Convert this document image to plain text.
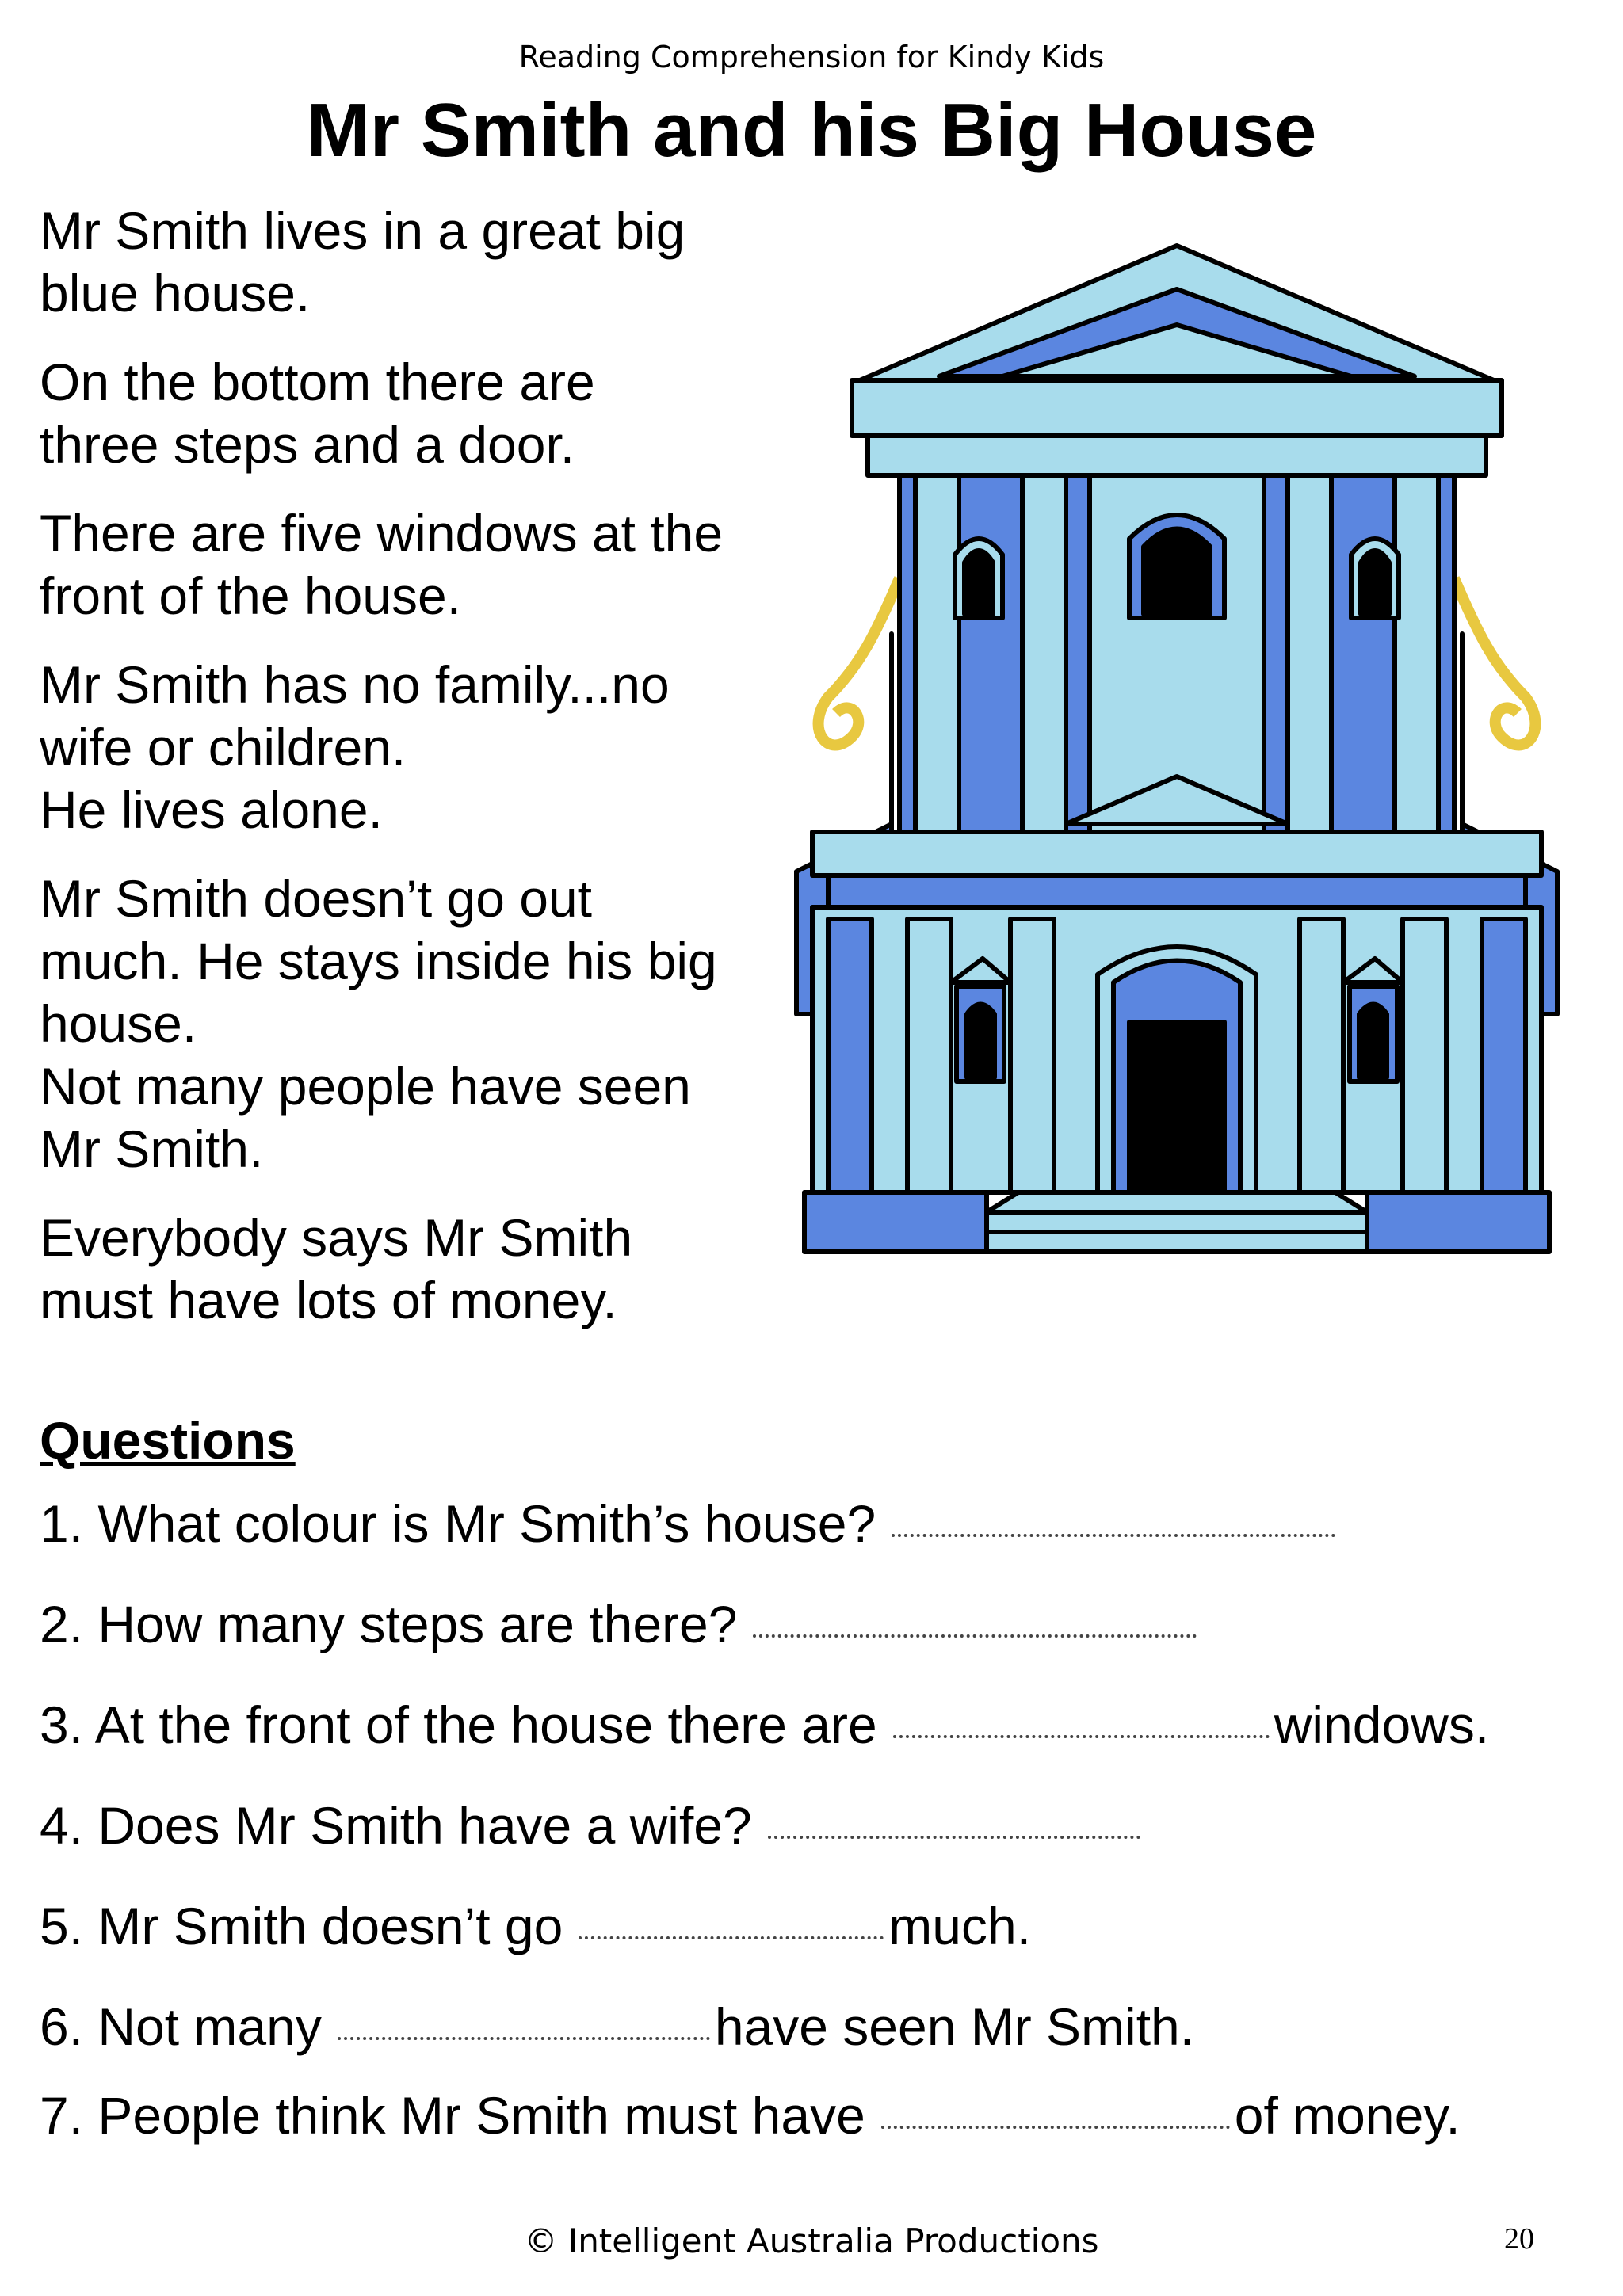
Reading Comprehension for Kindy Kids
Mr Smith and his Big House

Mr Smith lives in a great big
blue house.

On the bottom there are
three steps and a door.

There are five windows at the
front of the house.

Mr Smith has no family...no
wife or children.
He lives alone.

Mr Smith doesn’t go out
much. He stays inside his big
house.
Not many people have seen
Mr Smith.

Everybody says Mr Smith
must have lots of money.

Questions
1. What colour is Mr Smith’s house?
2. How many steps are there?
3. At the front of the house there are	windows.
4. Does Mr Smith have a wife?
5. Mr Smith doesn’t go	much.
6. Not many	have seen Mr Smith.
7. People think Mr Smith must have	of money.
© Intelligent Australia Productions	20
